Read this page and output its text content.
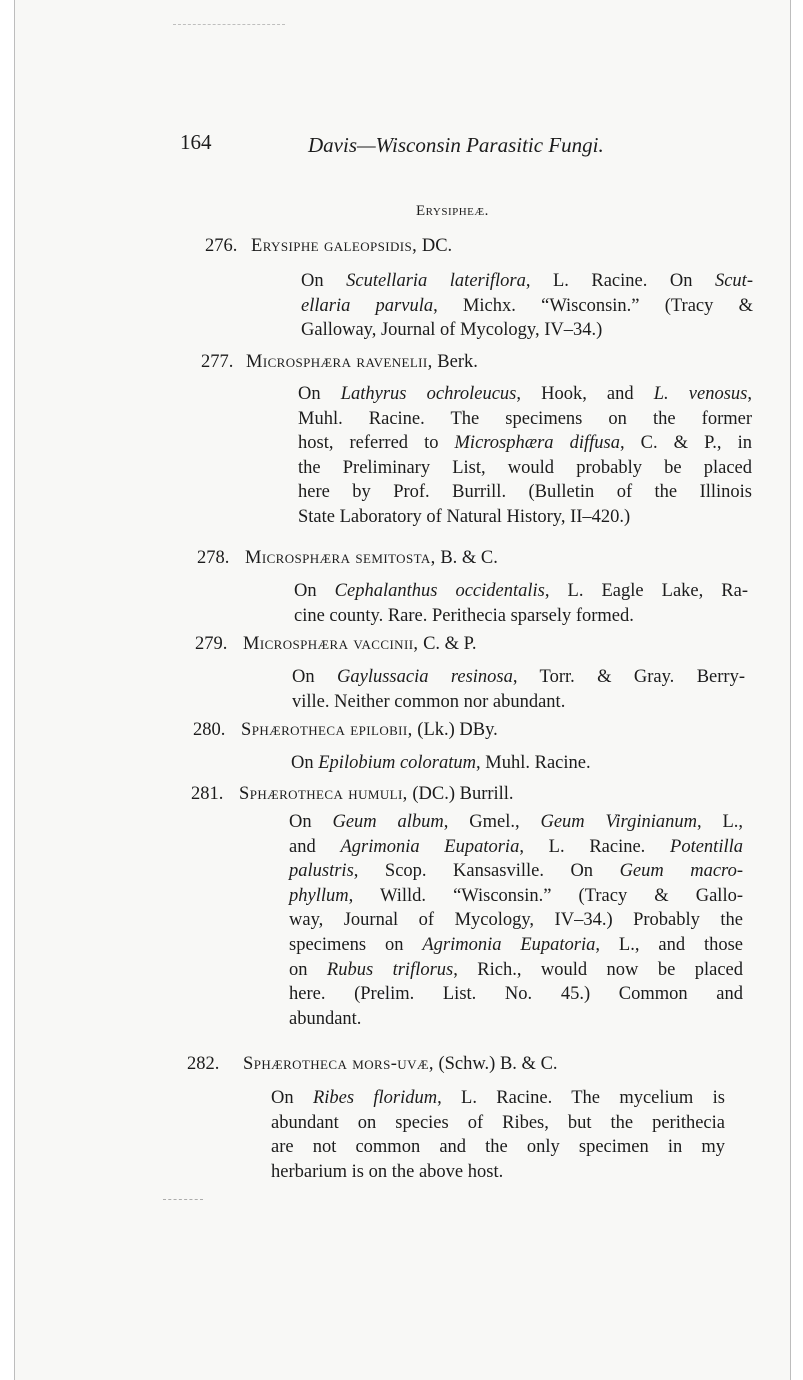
164	Davis—Wisconsin Parasitic Fungi.
Erysipheæ.
276. Erysiphe galeopsidis, DC.
On Scutellaria lateriflora, L. Racine. On Scut-
ellaria parvula, Michx. “Wisconsin.” (Tracy &
Galloway, Journal of Mycology, IV–34.)
277. Microsphæra ravenelii, Berk.
On Lathyrus ochroleucus, Hook, and L. venosus,
Muhl. Racine. The specimens on the former
host, referred to Microsphæra diffusa, C. & P., in
the Preliminary List, would probably be placed
here by Prof. Burrill. (Bulletin of the Illinois
State Laboratory of Natural History, II–420.)
278. Microsphæra semitosta, B. & C.
On Cephalanthus occidentalis, L. Eagle Lake, Ra-
cine county. Rare. Perithecia sparsely formed.
279. Microsphæra vaccinii, C. & P.
On Gaylussacia resinosa, Torr. & Gray. Berry-
ville. Neither common nor abundant.
280. Sphærotheca epilobii, (Lk.) DBy.
On Epilobium coloratum, Muhl. Racine.
281. Sphærotheca humuli, (DC.) Burrill.
On Geum album, Gmel., Geum Virginianum, L.,
and Agrimonia Eupatoria, L. Racine. Potentilla
palustris, Scop. Kansasville. On Geum macro-
phyllum, Willd. “Wisconsin.” (Tracy & Gallo-
way, Journal of Mycology, IV–34.) Probably the
specimens on Agrimonia Eupatoria, L., and those
on Rubus triflorus, Rich., would now be placed
here. (Prelim. List. No. 45.) Common and
abundant.
282. Sphærotheca mors-uvæ, (Schw.) B. & C.
On Ribes floridum, L. Racine. The mycelium is
abundant on species of Ribes, but the perithecia
are not common and the only specimen in my
herbarium is on the above host.
